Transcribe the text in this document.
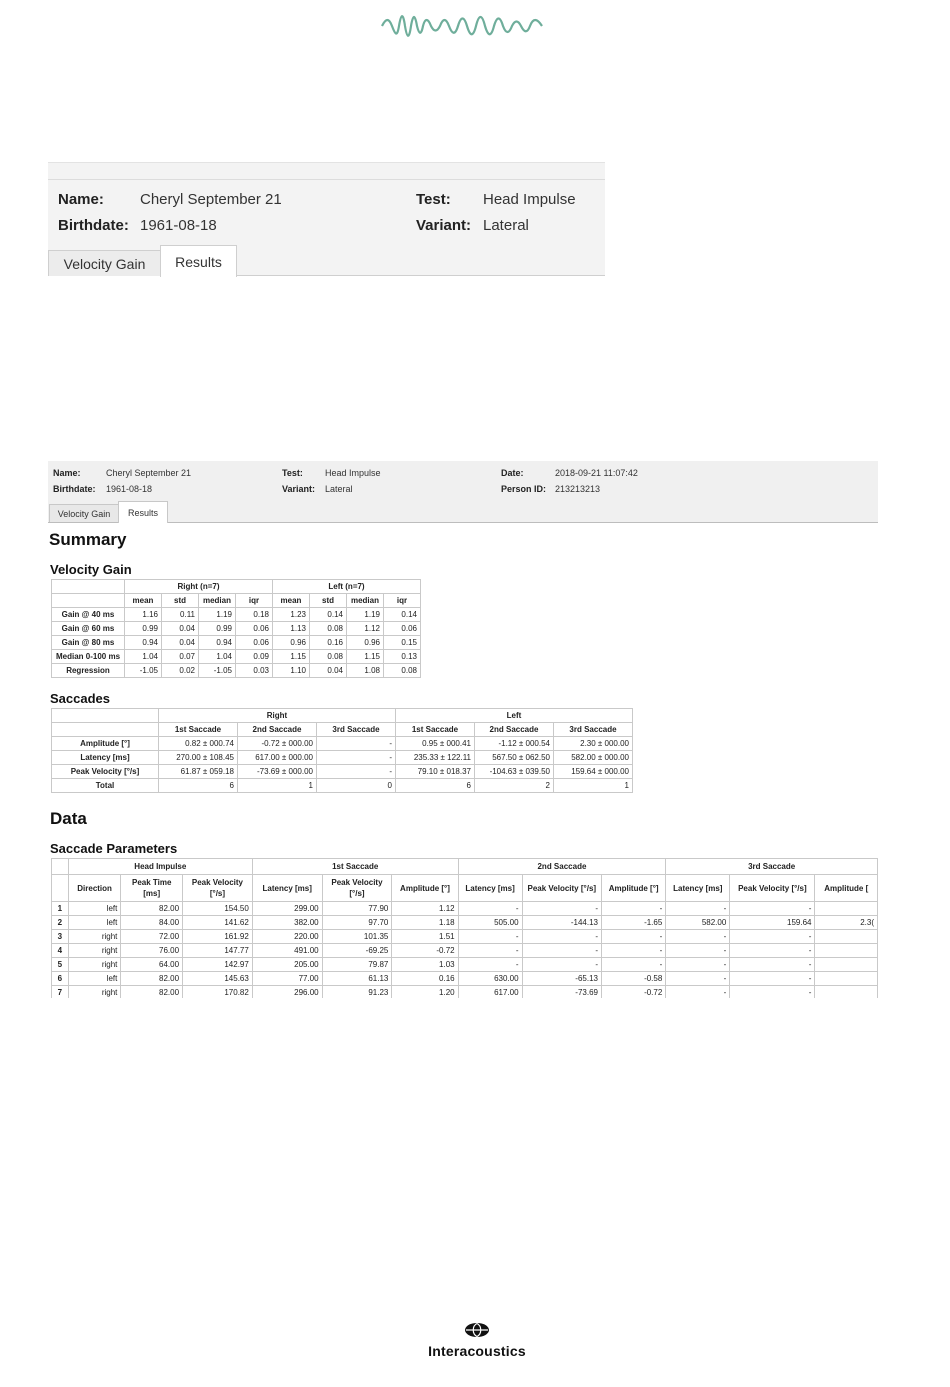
Name: Cheryl September 21
Birthdate: 1961-08-18
Test: Head Impulse
Variant: Lateral
Velocity Gain	Results
Name:	Cheryl September 21
Birthdate: 1961-08-18
Test: Head Impulse
Variant: Lateral
Date:	2018-09-21 11:07:42
Person ID: 213213213
Velocity Gain	Results
Summary
Velocity Gain
	Right (n=7)				Left (n=7)			
	mean	std	median	iqr	mean	std	median	iqr
Gain @ 40 ms	1.16	0.11	1.19	0.18	1.23	0.14	1.19	0.14
Gain @ 60 ms	0.99	0.04	0.99	0.06	1.13	0.08	1.12	0.06
Gain @ 80 ms	0.94	0.04	0.94	0.06	0.96	0.16	0.96	0.15
Median 0-100 ms	1.04	0.07	1.04	0.09	1.15	0.08	1.15	0.13
Regression	-1.05	0.02	-1.05	0.03	1.10	0.04	1.08	0.08
Saccades
	Right			Left		
	1st Saccade	2nd Saccade	3rd Saccade	1st Saccade	2nd Saccade	3rd Saccade
Amplitude [°]	0.82 ± 000.74	-0.72 ± 000.00	-	0.95 ± 000.41	-1.12 ± 000.54	2.30 ± 000.00
Latency [ms]	270.00 ± 108.45	617.00 ± 000.00	-	235.33 ± 122.11	567.50 ± 062.50	582.00 ± 000.00
Peak Velocity [°/s]	61.87 ± 059.18	-73.69 ± 000.00	-	79.10 ± 018.37	-104.63 ± 039.50	159.64 ± 000.00
Total	6	1	0	6	2	1
Data
Saccade Parameters
	Head Impulse			1st Saccade			2nd Saccade			3rd Saccade		
	Direction	Peak Time [ms]	Peak Velocity [°/s]	Latency [ms]	Peak Velocity [°/s]	Amplitude [°]	Latency [ms]	Peak Velocity [°/s]	Amplitude [°]	Latency [ms]	Peak Velocity [°/s]	Amplitude [
1	left	82.00	154.50	299.00	77.90	1.12	-	-	-	-	-	
2	left	84.00	141.62	382.00	97.70	1.18	505.00	-144.13	-1.65	582.00	159.64	2.3(
3	right	72.00	161.92	220.00	101.35	1.51	-	-	-	-	-	
4	right	76.00	147.77	491.00	-69.25	-0.72	-	-	-	-	-	
5	right	64.00	142.97	205.00	79.87	1.03	-	-	-	-	-	
6	left	82.00	145.63	77.00	61.13	0.16	630.00	-65.13	-0.58	-	-	
7	right	82.00	170.82	296.00	91.23	1.20	617.00	-73.69	-0.72	-	-	
Interacoustics
